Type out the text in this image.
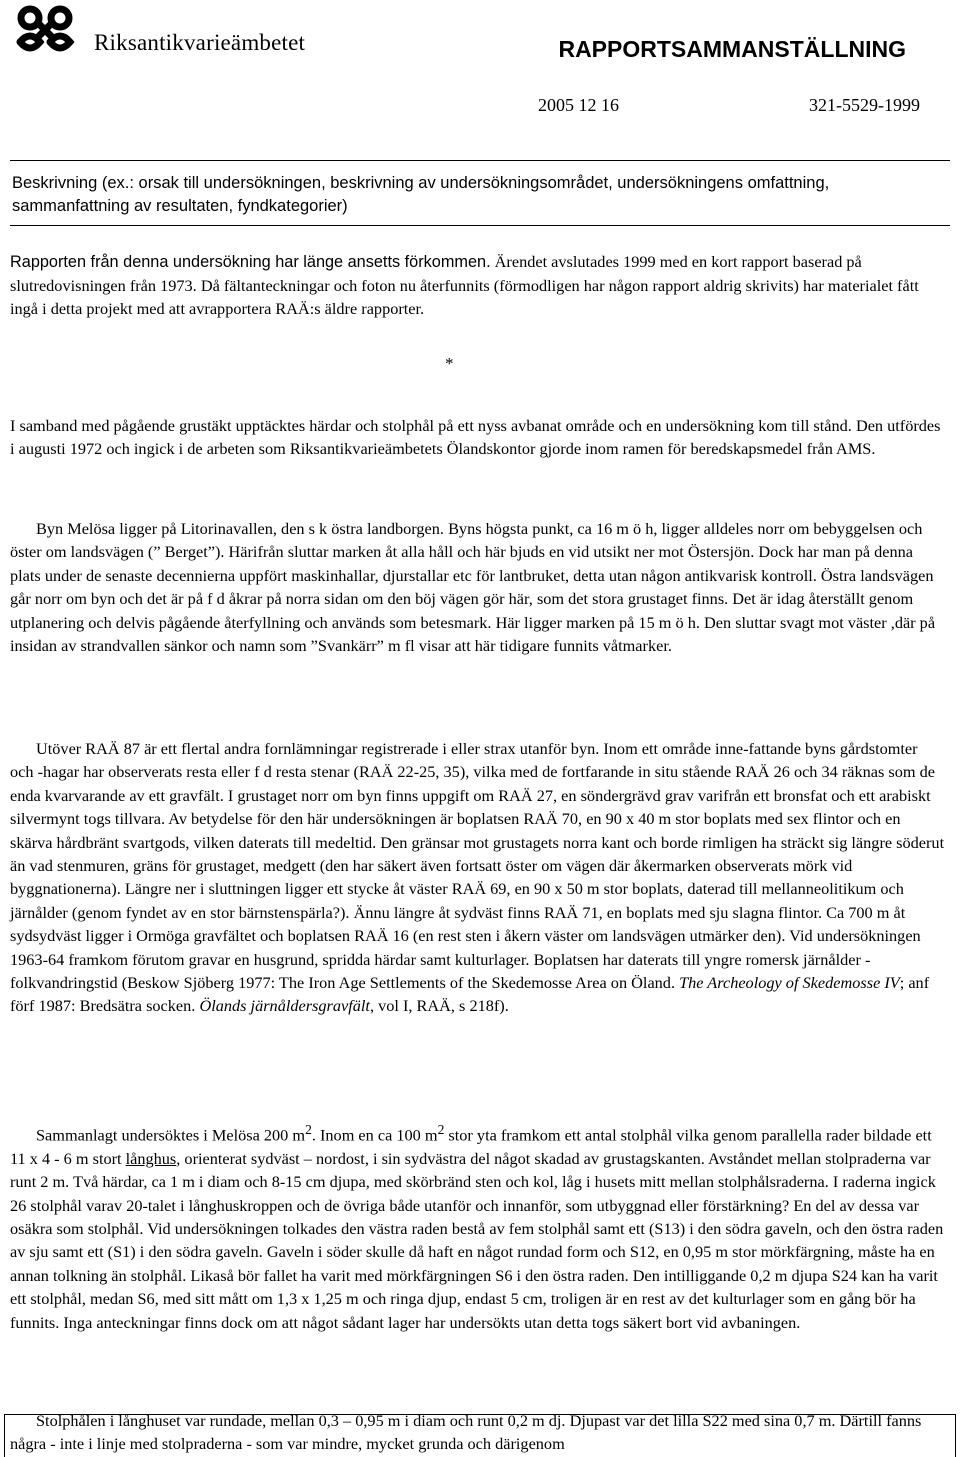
Riksantikvarieämbetet	RAPPORTSAMMANSTÄLLNING
2005 12 16	321-5529-1999
Beskrivning (ex.: orsak till undersökningen, beskrivning av undersökningsområdet, undersökningens omfattning, sammanfattning av resultaten, fyndkategorier)
Rapporten från denna undersökning har länge ansetts förkommen. Ärendet avslutades 1999 med en kort rapport baserad på slutredovisningen från 1973. Då fältanteckningar och foton nu återfunnits (förmodligen har någon rapport aldrig skrivits) har materialet fått ingå i detta projekt med att avrapportera RAÄ:s äldre rapporter.
*

I samband med pågående grustäkt upptäcktes härdar och stolphål på ett nyss avbanat område och en undersökning kom till stånd. Den utfördes i augusti 1972 och ingick i de arbeten som Riksantikvarieämbetets Ölandskontor gjorde inom ramen för beredskapsmedel från AMS.

Byn Melösa ligger på Litorinavallen, den s k östra landborgen. Byns högsta punkt, ca 16 m ö h, ligger alldeles norr om bebyggelsen och öster om landsvägen (” Berget”). Härifrån sluttar marken åt alla håll och här bjuds en vid utsikt ner mot Östersjön. Dock har man på denna plats under de senaste decennierna uppfört maskinhallar, djurstallar etc för lantbruket, detta utan någon antikvarisk kontroll. Östra landsvägen går norr om byn och det är på f d åkrar på norra sidan om den böj vägen gör här, som det stora grustaget finns. Det är idag återställt genom utplanering och delvis pågående återfyllning och används som betesmark. Här ligger marken på 15 m ö h. Den sluttar svagt mot väster ,där på insidan av strandvallen sänkor och namn som ”Svankärr” m fl visar att här tidigare funnits våtmarker.

Utöver RAÄ 87 är ett flertal andra fornlämningar registrerade i eller strax utanför byn. Inom ett område inne-fattande byns gårdstomter och -hagar har observerats resta eller f d resta stenar (RAÄ 22-25, 35), vilka med de fortfarande in situ stående RAÄ 26 och 34 räknas som de enda kvarvarande av ett gravfält. I grustaget norr om byn finns uppgift om RAÄ 27, en söndergrävd grav varifrån ett bronsfat och ett arabiskt silvermynt togs tillvara. Av betydelse för den här undersökningen är boplatsen RAÄ 70, en 90 x 40 m stor boplats med sex flintor och en skärva hårdbränt svartgods, vilken daterats till medeltid. Den gränsar mot grustagets norra kant och borde rimligen ha sträckt sig längre söderut än vad stenmuren, gräns för grustaget, medgett (den har säkert även fortsatt öster om vägen där åkermarken observerats mörk vid byggnationerna). Längre ner i sluttningen ligger ett stycke åt väster RAÄ 69, en 90 x 50 m stor boplats, daterad till mellanneolitikum och järnålder (genom fyndet av en stor bärnstenspärla?). Ännu längre åt sydväst finns RAÄ 71, en boplats med sju slagna flintor. Ca 700 m åt sydsydväst ligger i Ormöga gravfältet och boplatsen RAÄ 16 (en rest sten i åkern väster om landsvägen utmärker den). Vid undersökningen 1963-64 framkom förutom gravar en husgrund, spridda härdar samt kulturlager. Boplatsen har daterats till yngre romersk järnålder - folkvandringstid (Beskow Sjöberg 1977: The Iron Age Settlements of the Skedemosse Area on Öland. The Archeology of Skedemosse IV; anf förf 1987: Bredsätra socken. Ölands järnåldersgravfält, vol I, RAÄ, s 218f).

Sammanlagt undersöktes i Melösa 200 $m^2$. Inom en ca 100 $m^2$ stor yta framkom ett antal stolphål vilka genom parallella rader bildade ett 11 x 4 - 6 m stort långhus, orienterat sydväst – nordost, i sin sydvästra del något skadad av grustagskanten. Avståndet mellan stolpraderna var runt 2 m. Två härdar, ca 1 m i diam och 8-15 cm djupa, med skörbränd sten och kol, låg i husets mitt mellan stolphålsraderna. I raderna ingick 26 stolphål varav 20-talet i långhuskroppen och de övriga både utanför och innanför, som utbyggnad eller förstärkning? En del av dessa var osäkra som stolphål. Vid undersökningen tolkades den västra raden bestå av fem stolphål samt ett (S13) i den södra gaveln, och den östra raden av sju samt ett (S1) i den södra gaveln. Gaveln i söder skulle då haft en något rundad form och S12, en 0,95 m stor mörkfärgning, måste ha en annan tolkning än stolphål. Likaså bör fallet ha varit med mörkfärgningen S6 i den östra raden. Den intilliggande 0,2 m djupa S24 kan ha varit ett stolphål, medan S6, med sitt mått om 1,3 x 1,25 m och ringa djup, endast 5 cm, troligen är en rest av det kulturlager som en gång bör ha funnits. Inga anteckningar finns dock om att något sådant lager har undersökts utan detta togs säkert bort vid avbaningen.

Stolphålen i långhuset var rundade, mellan 0,3 – 0,95 m i diam och runt 0,2 m dj. Djupast var det lilla S22 med sina 0,7 m. Därtill fanns några - inte i linje med stolpraderna - som var mindre, mycket grunda och därigenom
